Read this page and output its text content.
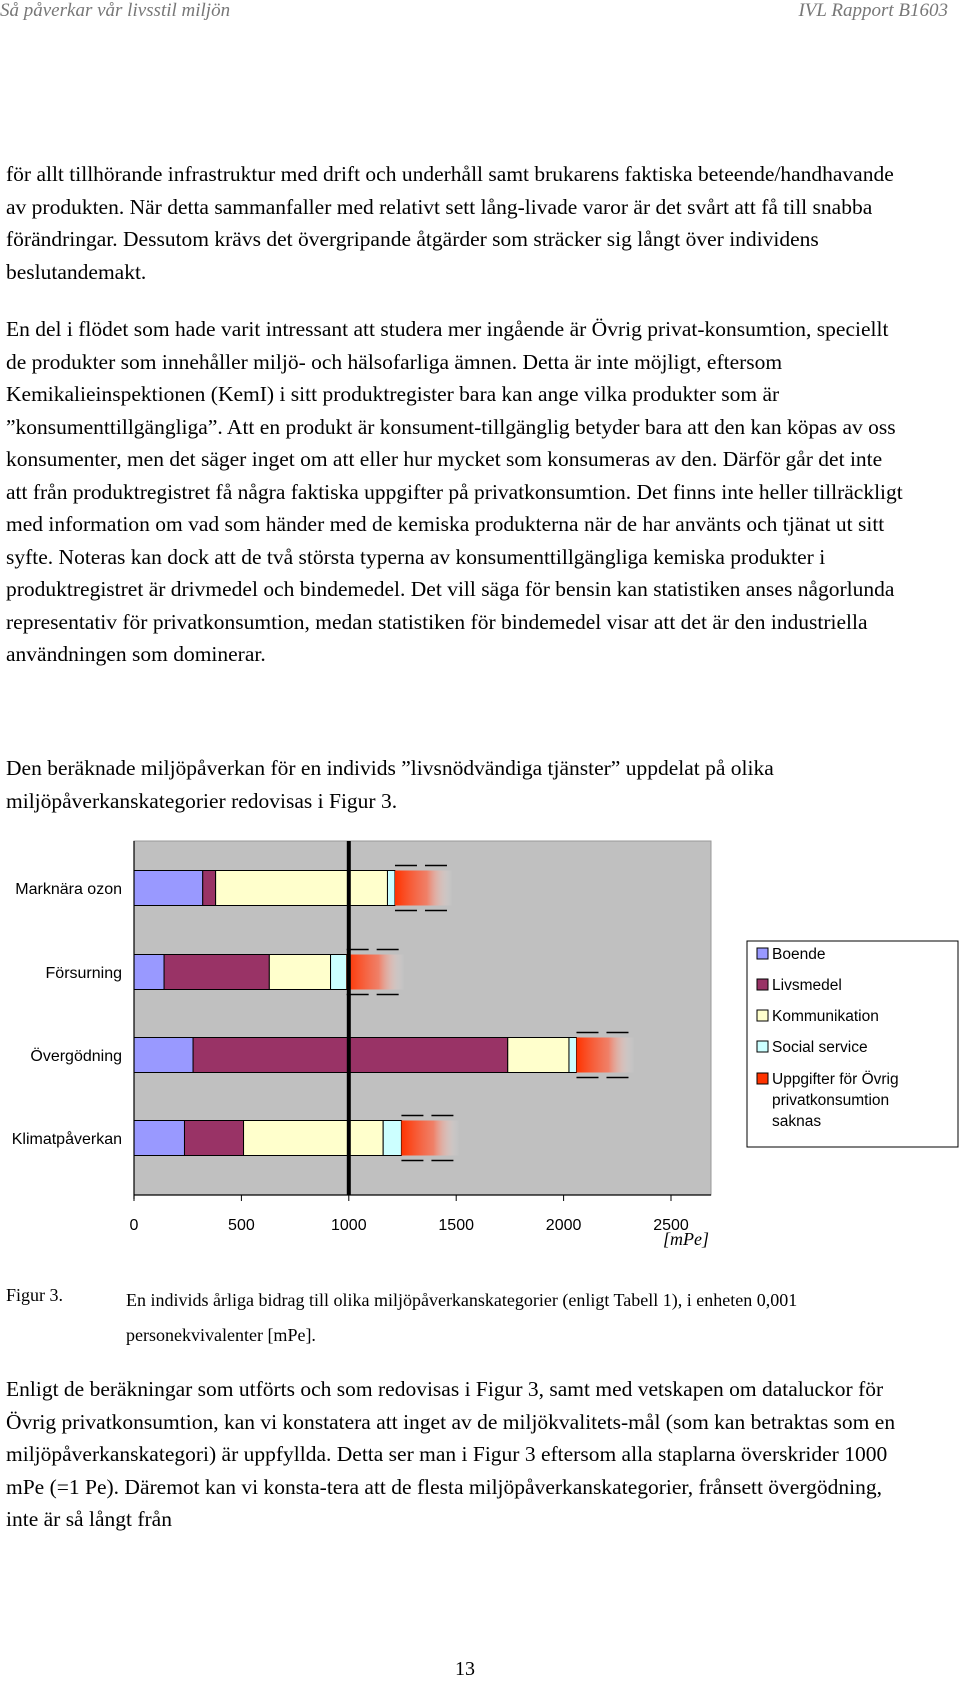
Så påverkar vår livsstil miljön	IVL Rapport B1603

för allt tillhörande infrastruktur med drift och underhåll samt brukarens faktiska beteende/handhavande av produkten. När detta sammanfaller med relativt sett lång-livade varor är det svårt att få till snabba förändringar. Dessutom krävs det övergripande åtgärder som sträcker sig långt över individens beslutandemakt.

En del i flödet som hade varit intressant att studera mer ingående är Övrig privat-konsumtion, speciellt de produkter som innehåller miljö- och hälsofarliga ämnen. Detta är inte möjligt, eftersom Kemikalieinspektionen (KemI) i sitt produktregister bara kan ange vilka produkter som är ”konsumenttillgängliga”. Att en produkt är konsument-tillgänglig betyder bara att den kan köpas av oss konsumenter, men det säger inget om att eller hur mycket som konsumeras av den. Därför går det inte att från produktregistret få några faktiska uppgifter på privatkonsumtion. Det finns inte heller tillräckligt med information om vad som händer med de kemiska produkterna när de har använts och tjänat ut sitt syfte. Noteras kan dock att de två största typerna av konsumenttillgängliga kemiska produkter i produktregistret är drivmedel och bindemedel. Det vill säga för bensin kan statistiken anses någorlunda representativ för privatkonsumtion, medan statistiken för bindemedel visar att det är den industriella användningen som dominerar.

Den beräknade miljöpåverkan för en individs ”livsnödvändiga tjänster” uppdelat på olika miljöpåverkanskategorier redovisas i Figur 3.

Marknära ozon
Försurning
Övergödning
Klimatpåverkan
0	500	1000	1500	2000	2500
[mPe]
Boende
Livsmedel
Kommunikation
Social service
Uppgifter för Övrig privatkonsumtion saknas
Figur 3.	En individs årliga bidrag till olika miljöpåverkanskategorier (enligt Tabell 1), i enheten 0,001 personekvivalenter [mPe].

Enligt de beräkningar som utförts och som redovisas i Figur 3, samt med vetskapen om dataluckor för Övrig privatkonsumtion, kan vi konstatera att inget av de miljökvalitets-mål (som kan betraktas som en miljöpåverkanskategori) är uppfyllda. Detta ser man i Figur 3 eftersom alla staplarna överskrider 1000 mPe (=1 Pe). Däremot kan vi konsta-tera att de flesta miljöpåverkanskategorier, frånsett övergödning, inte är så långt från

13
